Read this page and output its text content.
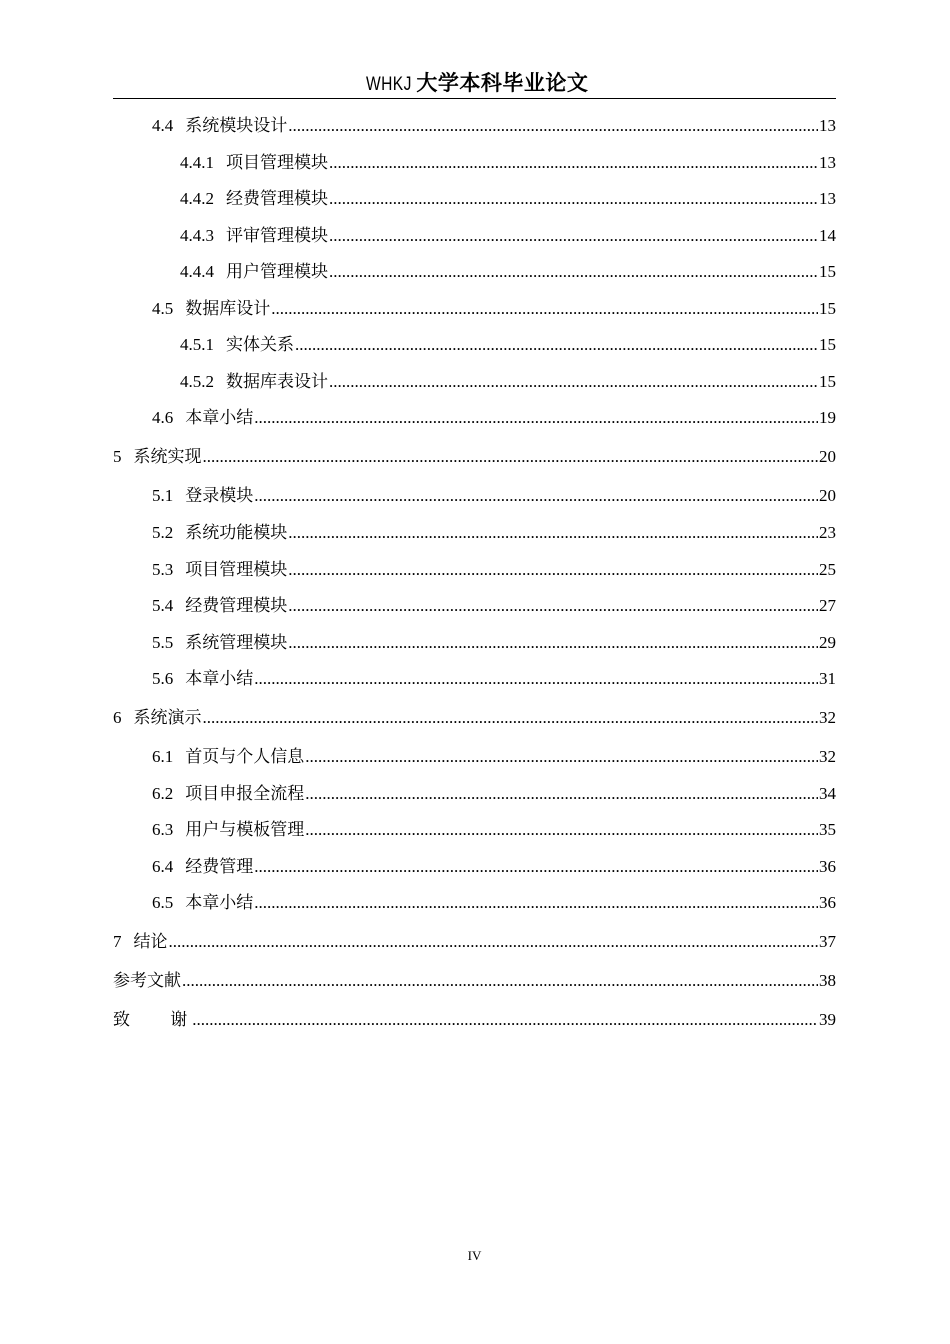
WHKJ 大学本科毕业论文
4.4 系统模块设计 .....	13
4.4.1 项目管理模块 .....	13
4.4.2 经费管理模块 .....	13
4.4.3 评审管理模块 .....	14
4.4.4 用户管理模块 .....	15
4.5 数据库设计 .....	15
4.5.1 实体关系 .....	15
4.5.2 数据库表设计 .....	15
4.6 本章小结 .....	19
5 系统实现 .....	20
5.1 登录模块 .....	20
5.2 系统功能模块 .....	23
5.3 项目管理模块 .....	25
5.4 经费管理模块 .....	27
5.5 系统管理模块 .....	29
5.6 本章小结 .....	31
6 系统演示 .....	32
6.1 首页与个人信息 .....	32
6.2 项目申报全流程 .....	34
6.3 用户与模板管理 .....	35
6.4 经费管理 .....	36
6.5 本章小结 .....	36
7 结论 .....	37
参考文献 .....	38
致 谢 .....	39
IV
